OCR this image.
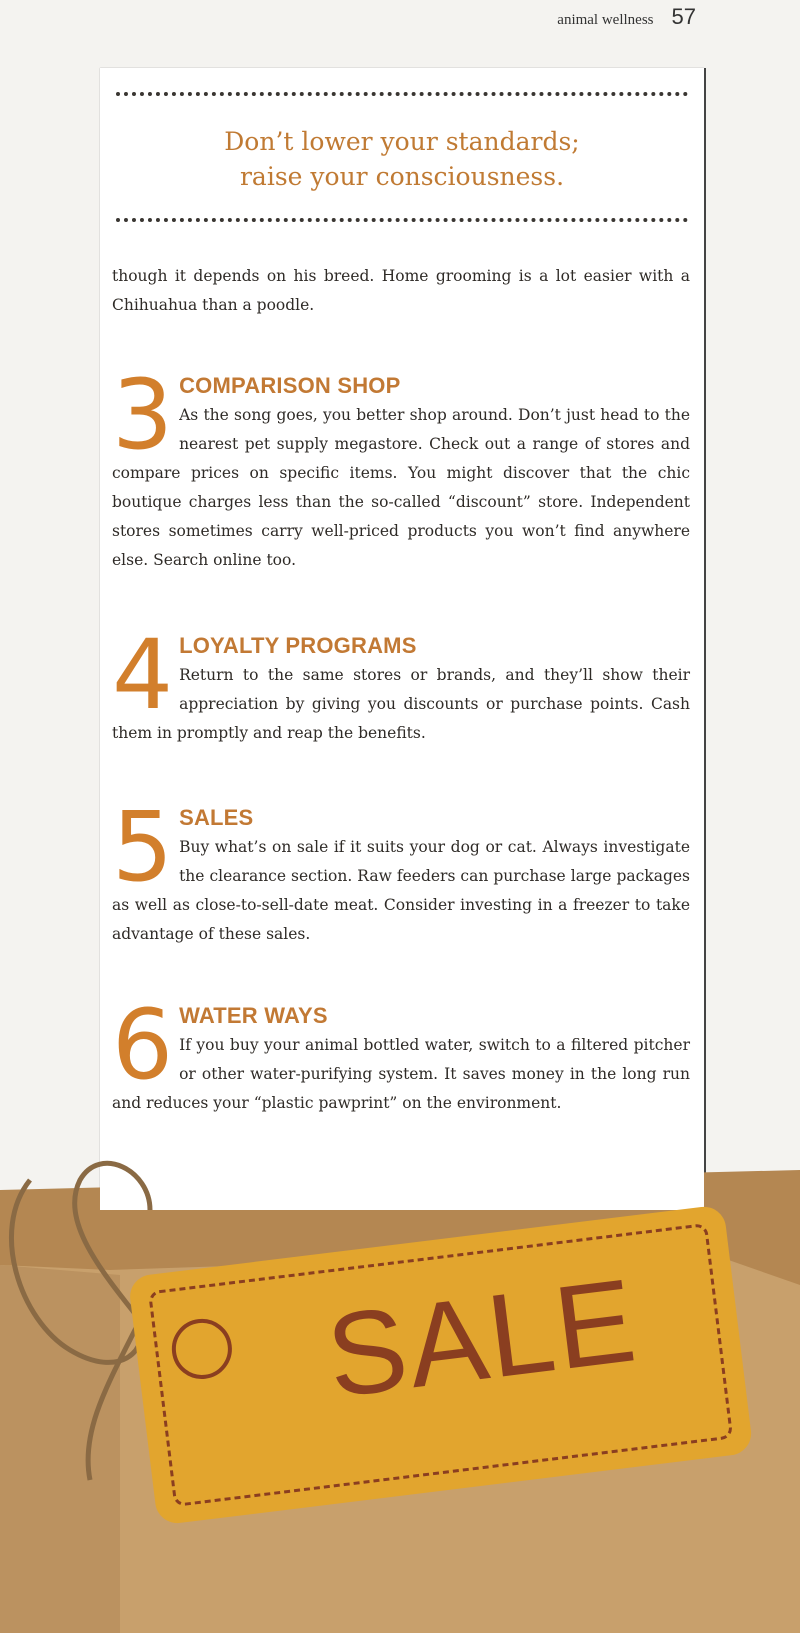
animal wellness 57
Don’t lower your standards;
raise your consciousness.

though it depends on his breed. Home grooming is a lot easier with a Chihuahua than a poodle.

3 COMPARISON SHOP

As the song goes, you better shop around. Don’t just head to the nearest pet supply megastore. Check out a range of stores and compare prices on specific items. You might discover that the chic boutique charges less than the so-called “discount” store. Independent stores sometimes carry well-priced products you won’t find anywhere else. Search online too.

4 LOYALTY PROGRAMS

Return to the same stores or brands, and they’ll show their appreciation by giving you discounts or purchase points. Cash them in promptly and reap the benefits.

5 SALES

Buy what’s on sale if it suits your dog or cat. Always investigate the clearance section. Raw feeders can purchase large packages as well as close-to-sell-date meat. Consider investing in a freezer to take advantage of these sales.

6 WATER WAYS

If you buy your animal bottled water, switch to a filtered pitcher or other water-purifying system. It saves money in the long run and reduces your “plastic pawprint” on the environment.

SALE
